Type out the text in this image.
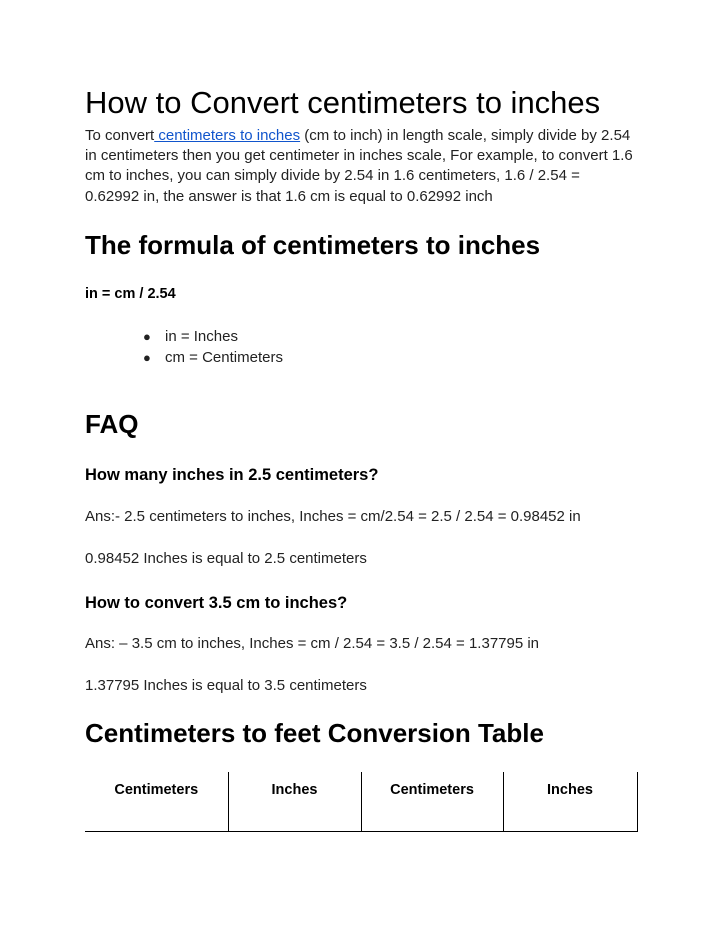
How to Convert centimeters to inches

To convert centimeters to inches (cm to inch) in length scale, simply divide by 2.54 in centimeters then you get centimeter in inches scale, For example, to convert 1.6 cm to inches, you can simply divide by 2.54 in 1.6 centimeters, 1.6 / 2.54 = 0.62992 in, the answer is that 1.6 cm is equal to 0.62992 inch

The formula of centimeters to inches

in = cm / 2.54

● in = Inches
● cm = Centimeters
FAQ
How many inches in 2.5 centimeters?

Ans:- 2.5 centimeters to inches, Inches = cm/2.54 = 2.5 / 2.54 = 0.98452 in

0.98452 Inches is equal to 2.5 centimeters

How to convert 3.5 cm to inches?

Ans: – 3.5 cm to inches, Inches = cm / 2.54 = 3.5 / 2.54 = 1.37795 in

1.37795 Inches is equal to 3.5 centimeters

Centimeters to feet Conversion Table
Centimeters	Inches	Centimeters	Inches
